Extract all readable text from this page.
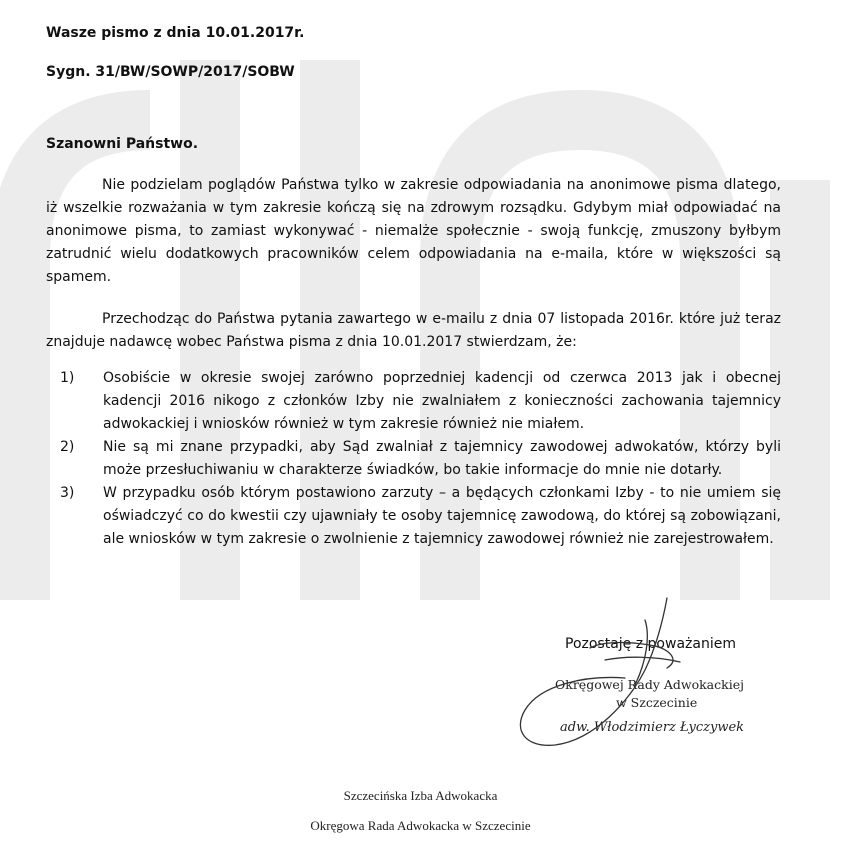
Wasze pismo z dnia 10.01.2017r.
Sygn. 31/BW/SOWP/2017/SOBW
Szanowni Państwo.

Nie podzielam poglądów Państwa tylko w zakresie odpowiadania na anonimowe pisma dlatego, iż wszelkie rozważania w tym zakresie kończą się na zdrowym rozsądku. Gdybym miał odpowiadać na anonimowe pisma, to zamiast wykonywać - niemalże społecznie - swoją funkcję, zmuszony byłbym zatrudnić wielu dodatkowych pracowników celem odpowiadania na e-maila, które w większości są spamem.

Przechodząc do Państwa pytania zawartego w e-mailu z dnia 07 listopada 2016r. które już teraz znajduje nadawcę wobec Państwa pisma z dnia 10.01.2017 stwierdzam, że:

1) Osobiście w okresie swojej zarówno poprzedniej kadencji od czerwca 2013 jak i obecnej kadencji 2016 nikogo z członków Izby nie zwalniałem z konieczności zachowania tajemnicy adwokackiej i wniosków również w tym zakresie również nie miałem.
2) Nie są mi znane przypadki, aby Sąd zwalniał z tajemnicy zawodowej adwokatów, którzy byli może przesłuchiwaniu w charakterze świadków, bo takie informacje do mnie nie dotarły.
3) W przypadku osób którym postawiono zarzuty – a będących członkami Izby - to nie umiem się oświadczyć co do kwestii czy ujawniały te osoby tajemnicę zawodową, do której są zobowiązani, ale wniosków w tym zakresie o zwolnienie z tajemnicy zawodowej również nie zarejestrowałem.
Pozostaję z poważaniem
Okręgowej Rady Adwokackiej
w Szczecinie
adw. Włodzimierz Łyczywek
Szczecińska Izba Adwokacka
Okręgowa Rada Adwokacka w Szczecinie
